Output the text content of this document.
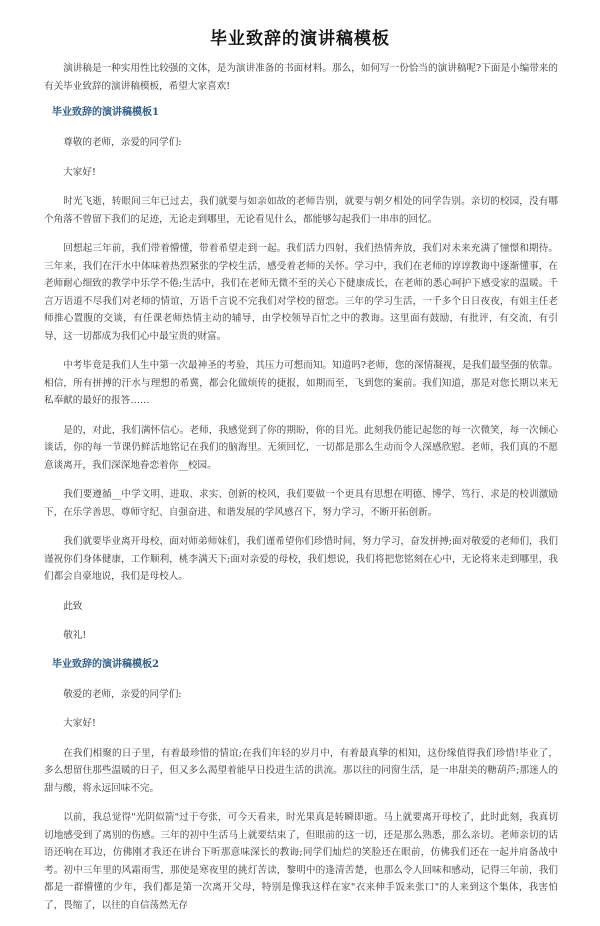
毕业致辞的演讲稿模板

演讲稿是一种实用性比较强的文体，是为演讲准备的书面材料。那么，如何写一份恰当的演讲稿呢?下面是小编带来的有关毕业致辞的演讲稿模板，希望大家喜欢!

毕业致辞的演讲稿模板1

尊敬的老师，亲爱的同学们:

大家好!

时光飞逝，转眼间三年已过去，我们就要与如亲如故的老师告别，就要与朝夕相处的同学告别。亲切的校园，没有哪个角落不曾留下我们的足迹，无论走到哪里，无论看见什么，都能够勾起我们一串串的回忆。

回想起三年前，我们带着懵懂，带着希望走到一起。我们活力四射，我们热情奔放，我们对未来充满了憧憬和期待。三年来，我们在汗水中体味着热烈紧张的学校生活，感受着老师的关怀。学习中，我们在老师的谆谆教诲中逐渐懂事，在老师耐心细致的教学中乐学不倦;生活中，我们在老师无微不至的关心下健康成长，在老师的悉心呵护下感受家的温暖。千言万语道不尽我们对老师的情谊，万语千言说不完我们对学校的留恋。三年的学习生活，一千多个日日夜夜，有姐主任老师推心置腹的交谈，有任课老师热情主动的辅导，由学校领导百忙之中的教诲。这里面有鼓励，有批评，有交流，有引导，这一切都成为我们心中最宝贵的财富。

中考毕竟是我们人生中第一次最神圣的考验，其压力可想而知。知道吗?老师，您的深情凝视，是我们最坚强的依靠。相信，所有拼搏的汗水与理想的希冀，都会化做烦传的捷报，如期而至，飞到您的案前。我们知道，那是对您长期以来无私奉献的最好的报答……

是的，对此，我们满怀信心。老师，我感觉到了你的期盼，你的目光。此刻我仍能记起您的每一次微笑，每一次倾心谈话，你的每一节课仍鲜活地铭记在我们的脑海里。无须回忆，一切都是那么生动而令人深感欣慰。老师，我们真的不愿意谈离开，我们深深地眷恋着你__校园。

我们要遵循__中学文明、进取、求实、创新的校风，我们要做一个更具有思想在明德、博学、笃行、求是的校训激励下，在乐学善思、尊师守纪、自强奋进、和谐发展的学风感召下，努力学习，不断开拓创新。

我们就要毕业离开母校，面对师弟师妹们，我们谨希望你们珍惜时间，努力学习，奋发拼搏;面对敬爱的老师们，我们谨祝你们身体健康，工作顺利，桃李满天下;面对亲爱的母校，我们想说，我们将把您铭刻在心中，无论将来走到哪里，我们都会自豪地说，我们是母校人。

此致

敬礼!

毕业致辞的演讲稿模板2

敬爱的老师，亲爱的同学们:

大家好!

在我们相聚的日子里，有着最珍惜的情谊;在我们年轻的岁月中，有着最真挚的相知，这份缘值得我们珍惜!毕业了，多么想留住那些温暖的日子，但又多么渴望着能早日投进生活的洪流。那以往的同窗生活，是一串甜美的糖葫芦;那迷人的甜与酸，将永远回味不完。

以前，我总觉得"光阴似箭"过于夸张，可今天看来，时光果真是转瞬即逝。马上就要离开母校了，此时此刻，我真切切地感受到了离别的伤感。三年的初中生活马上就要结束了，但眼前的这一切，还是那么熟悉，那么亲切。老师亲切的话语还响在耳边，仿佛刚才我还在讲台下听那意味深长的教诲;同学们灿烂的笑脸还在眼前，仿佛我们还在一起并肩备战中考。初中三年里的风霜雨雪，那使是寒夜里的挑灯苦读，黎明中的逢清苦楚，也那么令人回味和感动，记得三年前，我们都是一群懵懂的少年，我们都是第一次离开父母，特别是像我这样在家"衣来伸手饭来张口"的人来到这个集体，我害怕了，畏缩了，以往的自信荡然无存
